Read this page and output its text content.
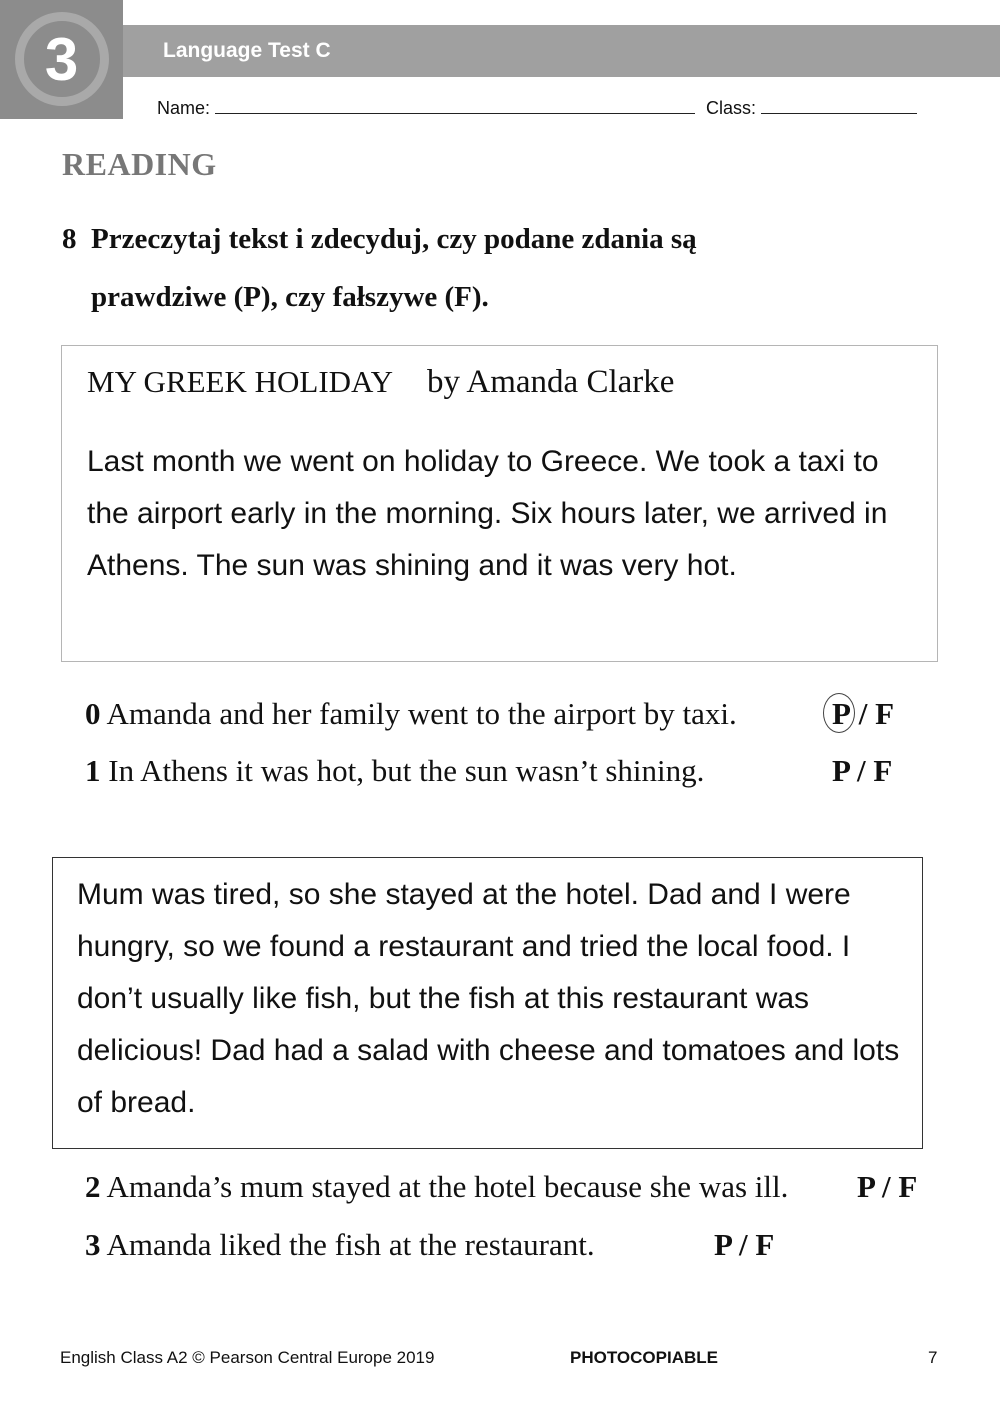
3	Language Test C
Name:	Class:
READING
8 Przeczytaj tekst i zdecyduj, czy podane zdania są
prawdziwe (P), czy fałszywe (F).
MY GREEK HOLIDAY by Amanda Clarke

Last month we went on holiday to Greece. We took a taxi to the airport early in the morning. Six hours later, we arrived in Athens. The sun was shining and it was very hot.

0 Amanda and her family went to the airport by taxi.	P / F
1 In Athens it was hot, but the sun wasn’t shining.	P / F

Mum was tired, so she stayed at the hotel. Dad and I were hungry, so we found a restaurant and tried the local food. I don’t usually like fish, but the fish at this restaurant was delicious! Dad had a salad with cheese and tomatoes and lots of bread.

2 Amanda’s mum stayed at the hotel because she was ill. P / F
3 Amanda liked the fish at the restaurant.	P / F
English Class A2 © Pearson Central Europe 2019	PHOTOCOPIABLE	7
